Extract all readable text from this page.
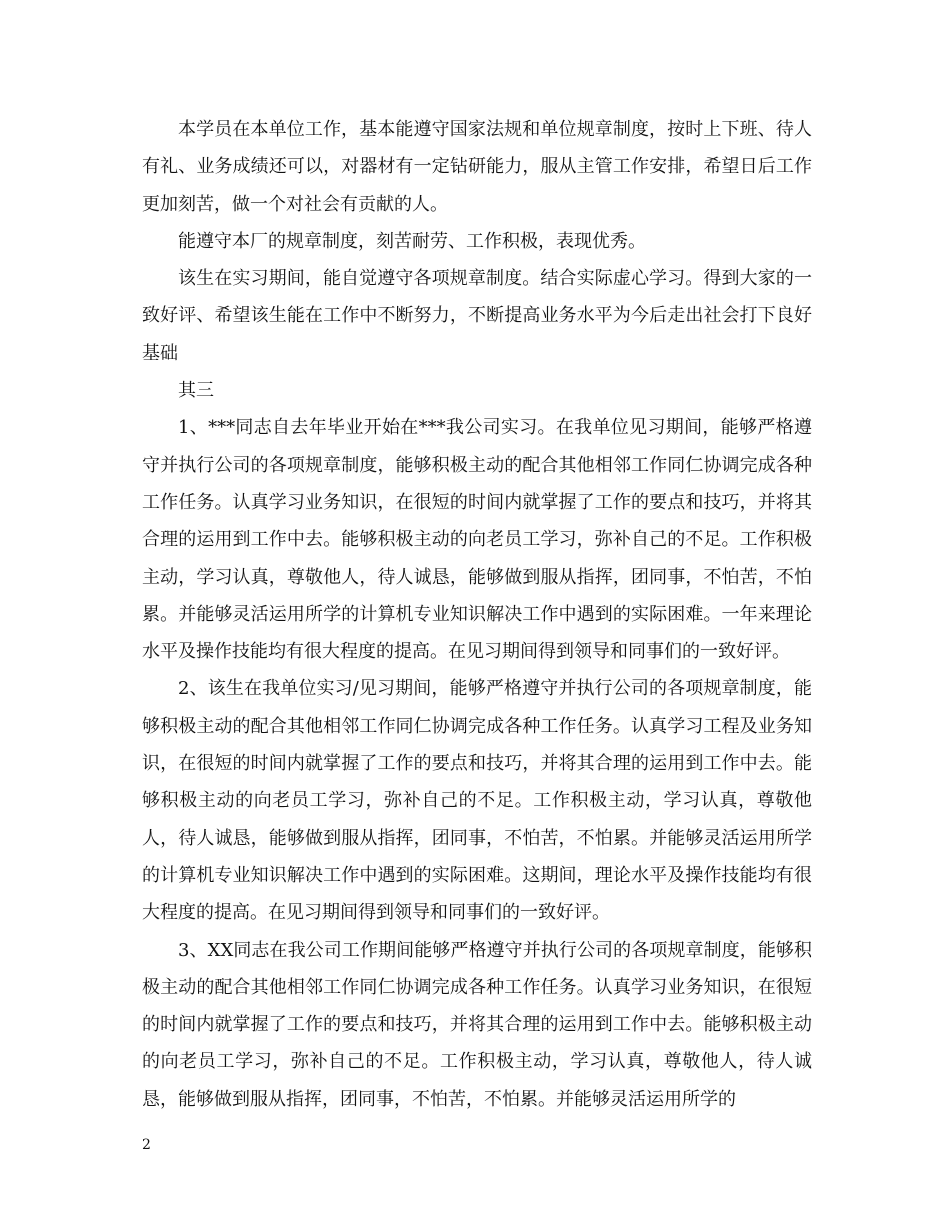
本学员在本单位工作，基本能遵守国家法规和单位规章制度，按时上下班、待人有礼、业务成绩还可以，对器材有一定钻研能力，服从主管工作安排，希望日后工作更加刻苦，做一个对社会有贡献的人。

能遵守本厂的规章制度，刻苦耐劳、工作积极，表现优秀。

该生在实习期间，能自觉遵守各项规章制度。结合实际虚心学习。得到大家的一致好评、希望该生能在工作中不断努力，不断提高业务水平为今后走出社会打下良好基础

其三

1、***同志自去年毕业开始在***我公司实习。在我单位见习期间，能够严格遵守并执行公司的各项规章制度，能够积极主动的配合其他相邻工作同仁协调完成各种工作任务。认真学习业务知识，在很短的时间内就掌握了工作的要点和技巧，并将其合理的运用到工作中去。能够积极主动的向老员工学习，弥补自己的不足。工作积极主动，学习认真，尊敬他人，待人诚恳，能够做到服从指挥，团同事，不怕苦，不怕累。并能够灵活运用所学的计算机专业知识解决工作中遇到的实际困难。一年来理论水平及操作技能均有很大程度的提高。在见习期间得到领导和同事们的一致好评。

2、该生在我单位实习/见习期间，能够严格遵守并执行公司的各项规章制度，能够积极主动的配合其他相邻工作同仁协调完成各种工作任务。认真学习工程及业务知识，在很短的时间内就掌握了工作的要点和技巧，并将其合理的运用到工作中去。能够积极主动的向老员工学习，弥补自己的不足。工作积极主动，学习认真，尊敬他人，待人诚恳，能够做到服从指挥，团同事，不怕苦，不怕累。并能够灵活运用所学的计算机专业知识解决工作中遇到的实际困难。这期间，理论水平及操作技能均有很大程度的提高。在见习期间得到领导和同事们的一致好评。

3、XX同志在我公司工作期间能够严格遵守并执行公司的各项规章制度，能够积极主动的配合其他相邻工作同仁协调完成各种工作任务。认真学习业务知识，在很短的时间内就掌握了工作的要点和技巧，并将其合理的运用到工作中去。能够积极主动的向老员工学习，弥补自己的不足。工作积极主动，学习认真，尊敬他人，待人诚恳，能够做到服从指挥，团同事，不怕苦，不怕累。并能够灵活运用所学的

2
